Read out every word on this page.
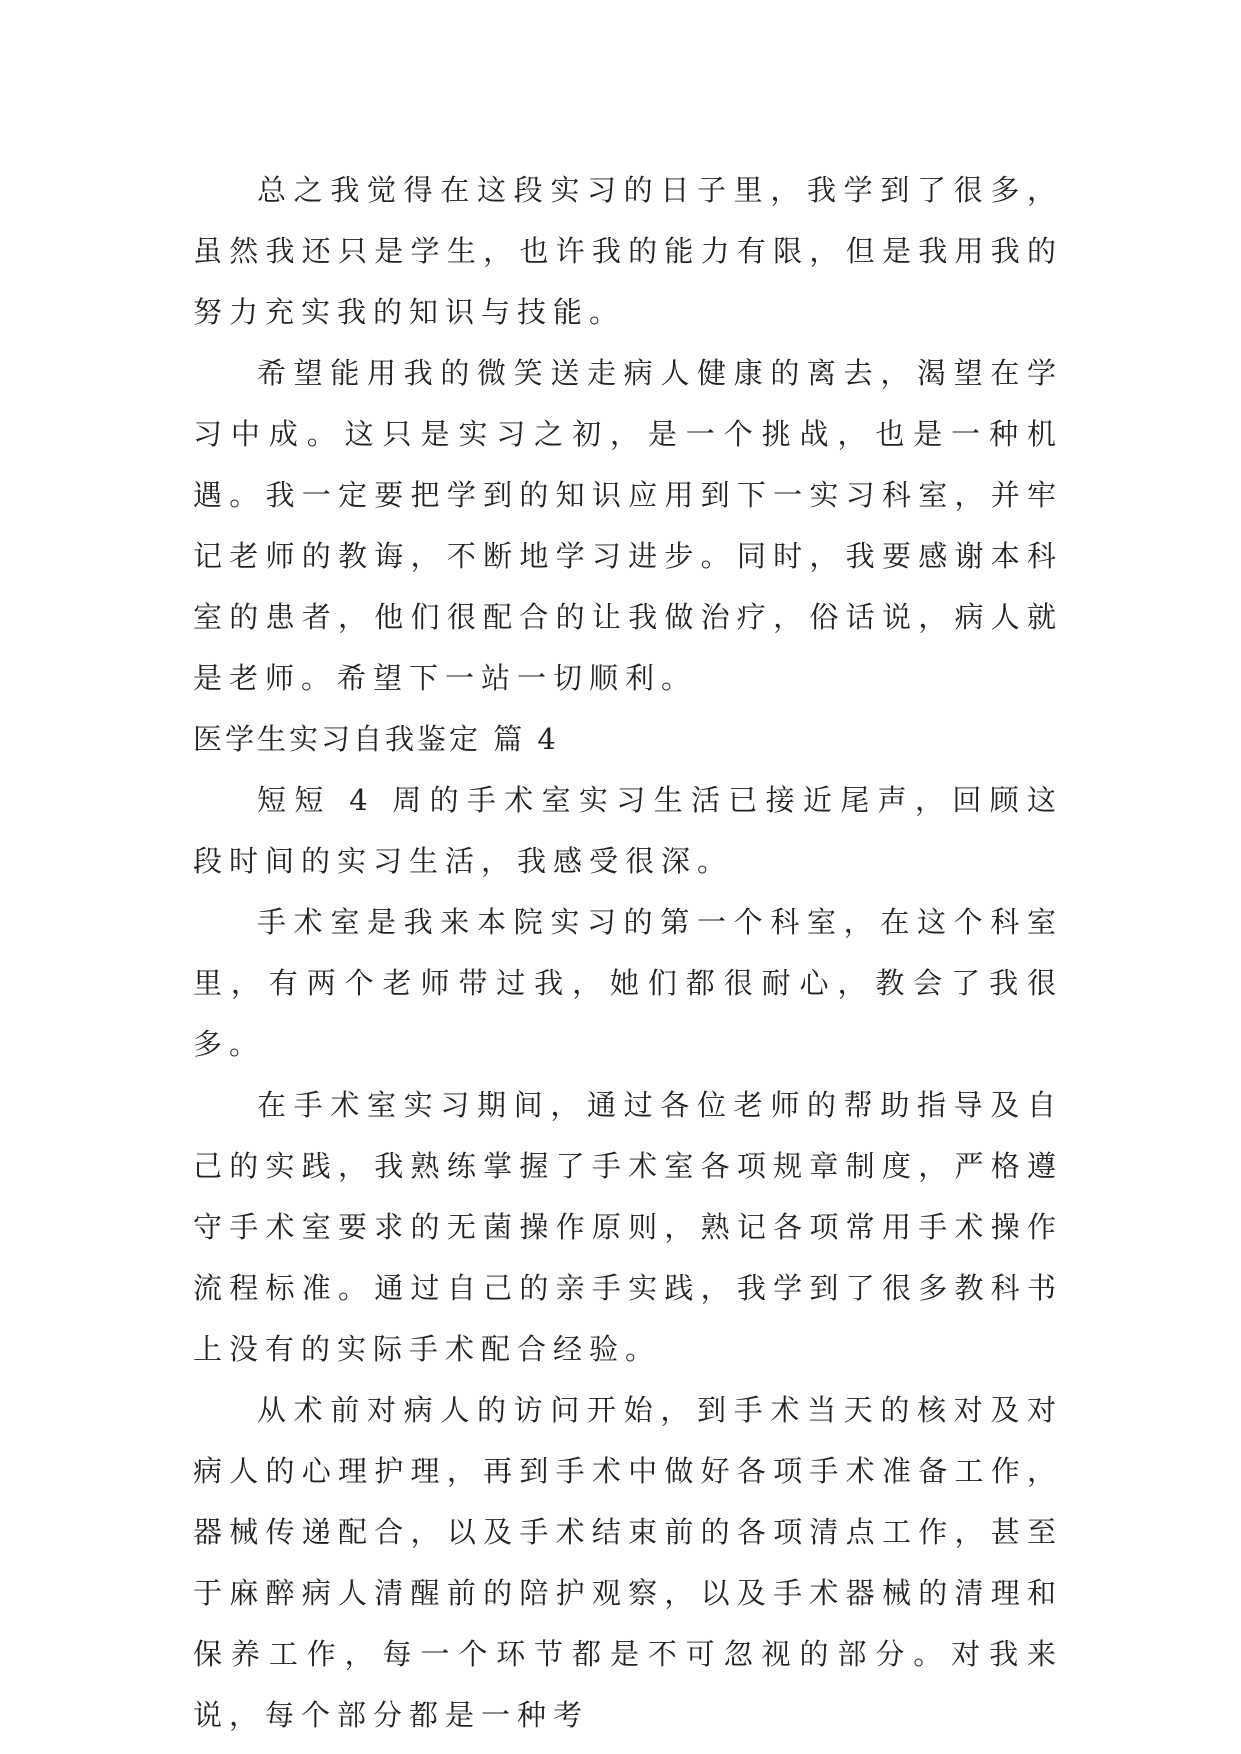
总之我觉得在这段实习的日子里，我学到了很多，虽然我还只是学生，也许我的能力有限，但是我用我的努力充实我的知识与技能。

希望能用我的微笑送走病人健康的离去，渴望在学习中成。这只是实习之初，是一个挑战，也是一种机遇。我一定要把学到的知识应用到下一实习科室，并牢记老师的教诲，不断地学习进步。同时，我要感谢本科室的患者，他们很配合的让我做治疗，俗话说，病人就是老师。希望下一站一切顺利。

医学生实习自我鉴定 篇 4

短短 4 周的手术室实习生活已接近尾声，回顾这段时间的实习生活，我感受很深。

手术室是我来本院实习的第一个科室，在这个科室里，有两个老师带过我，她们都很耐心，教会了我很多。

在手术室实习期间，通过各位老师的帮助指导及自己的实践，我熟练掌握了手术室各项规章制度，严格遵守手术室要求的无菌操作原则，熟记各项常用手术操作流程标准。通过自己的亲手实践，我学到了很多教科书上没有的实际手术配合经验。

从术前对病人的访问开始，到手术当天的核对及对病人的心理护理，再到手术中做好各项手术准备工作，器械传递配合，以及手术结束前的各项清点工作，甚至于麻醉病人清醒前的陪护观察，以及手术器械的清理和保养工作，每一个环节都是不可忽视的部分。对我来说，每个部分都是一种考
